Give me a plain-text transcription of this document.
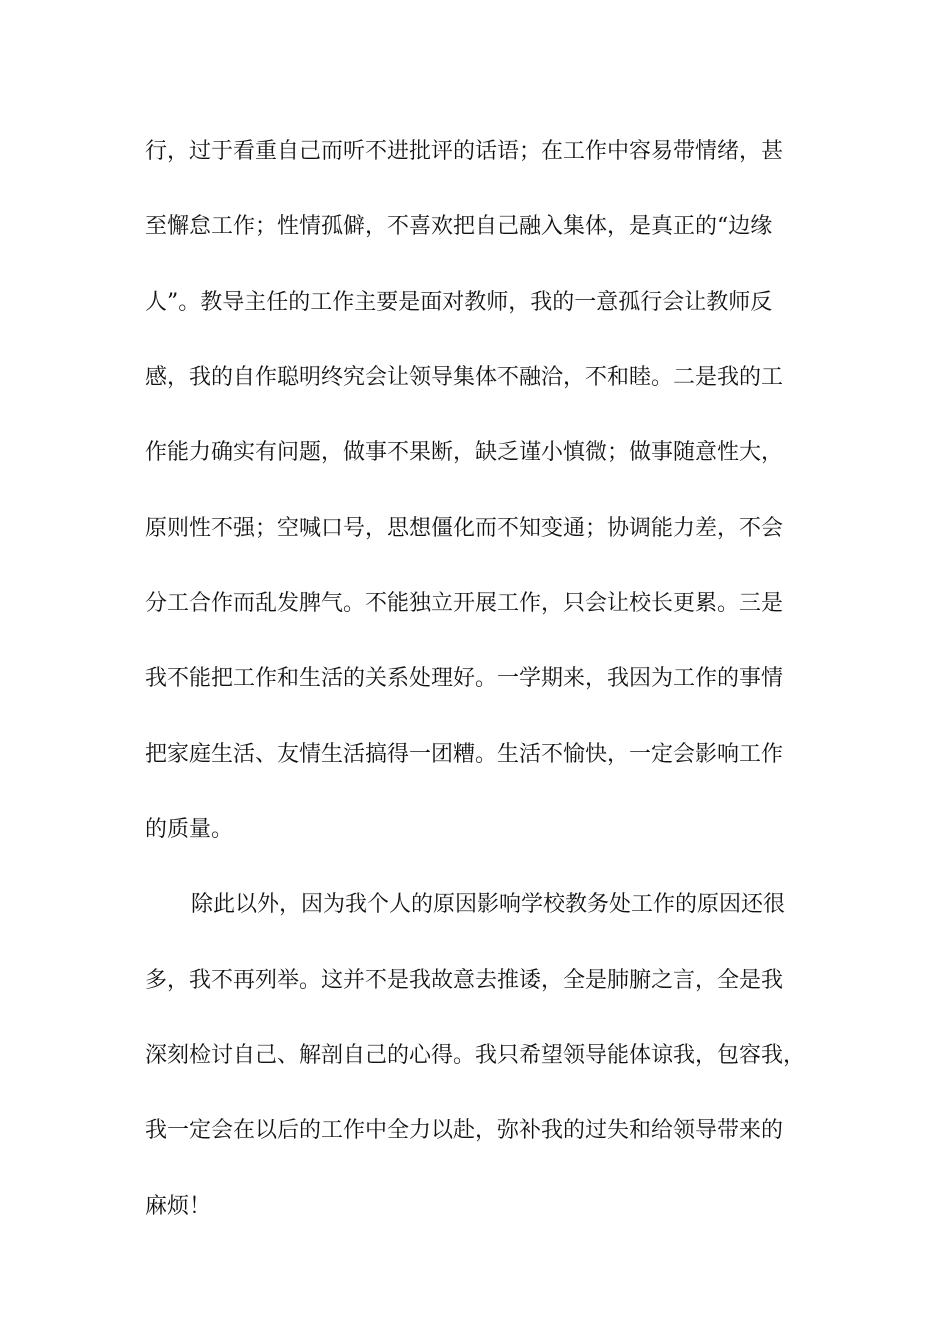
行，过于看重自己而听不进批评的话语；在工作中容易带情绪，甚
至懈怠工作；性情孤僻，不喜欢把自己融入集体，是真正的“边缘
人”。教导主任的工作主要是面对教师，我的一意孤行会让教师反
感，我的自作聪明终究会让领导集体不融洽，不和睦。二是我的工
作能力确实有问题，做事不果断，缺乏谨小慎微；做事随意性大，
原则性不强；空喊口号，思想僵化而不知变通；协调能力差，不会
分工合作而乱发脾气。不能独立开展工作，只会让校长更累。三是
我不能把工作和生活的关系处理好。一学期来，我因为工作的事情
把家庭生活、友情生活搞得一团糟。生活不愉快，一定会影响工作
的质量。
除此以外，因为我个人的原因影响学校教务处工作的原因还很
多，我不再列举。这并不是我故意去推诿，全是肺腑之言，全是我
深刻检讨自己、解剖自己的心得。我只希望领导能体谅我，包容我，
我一定会在以后的工作中全力以赴，弥补我的过失和给领导带来的
麻烦！
